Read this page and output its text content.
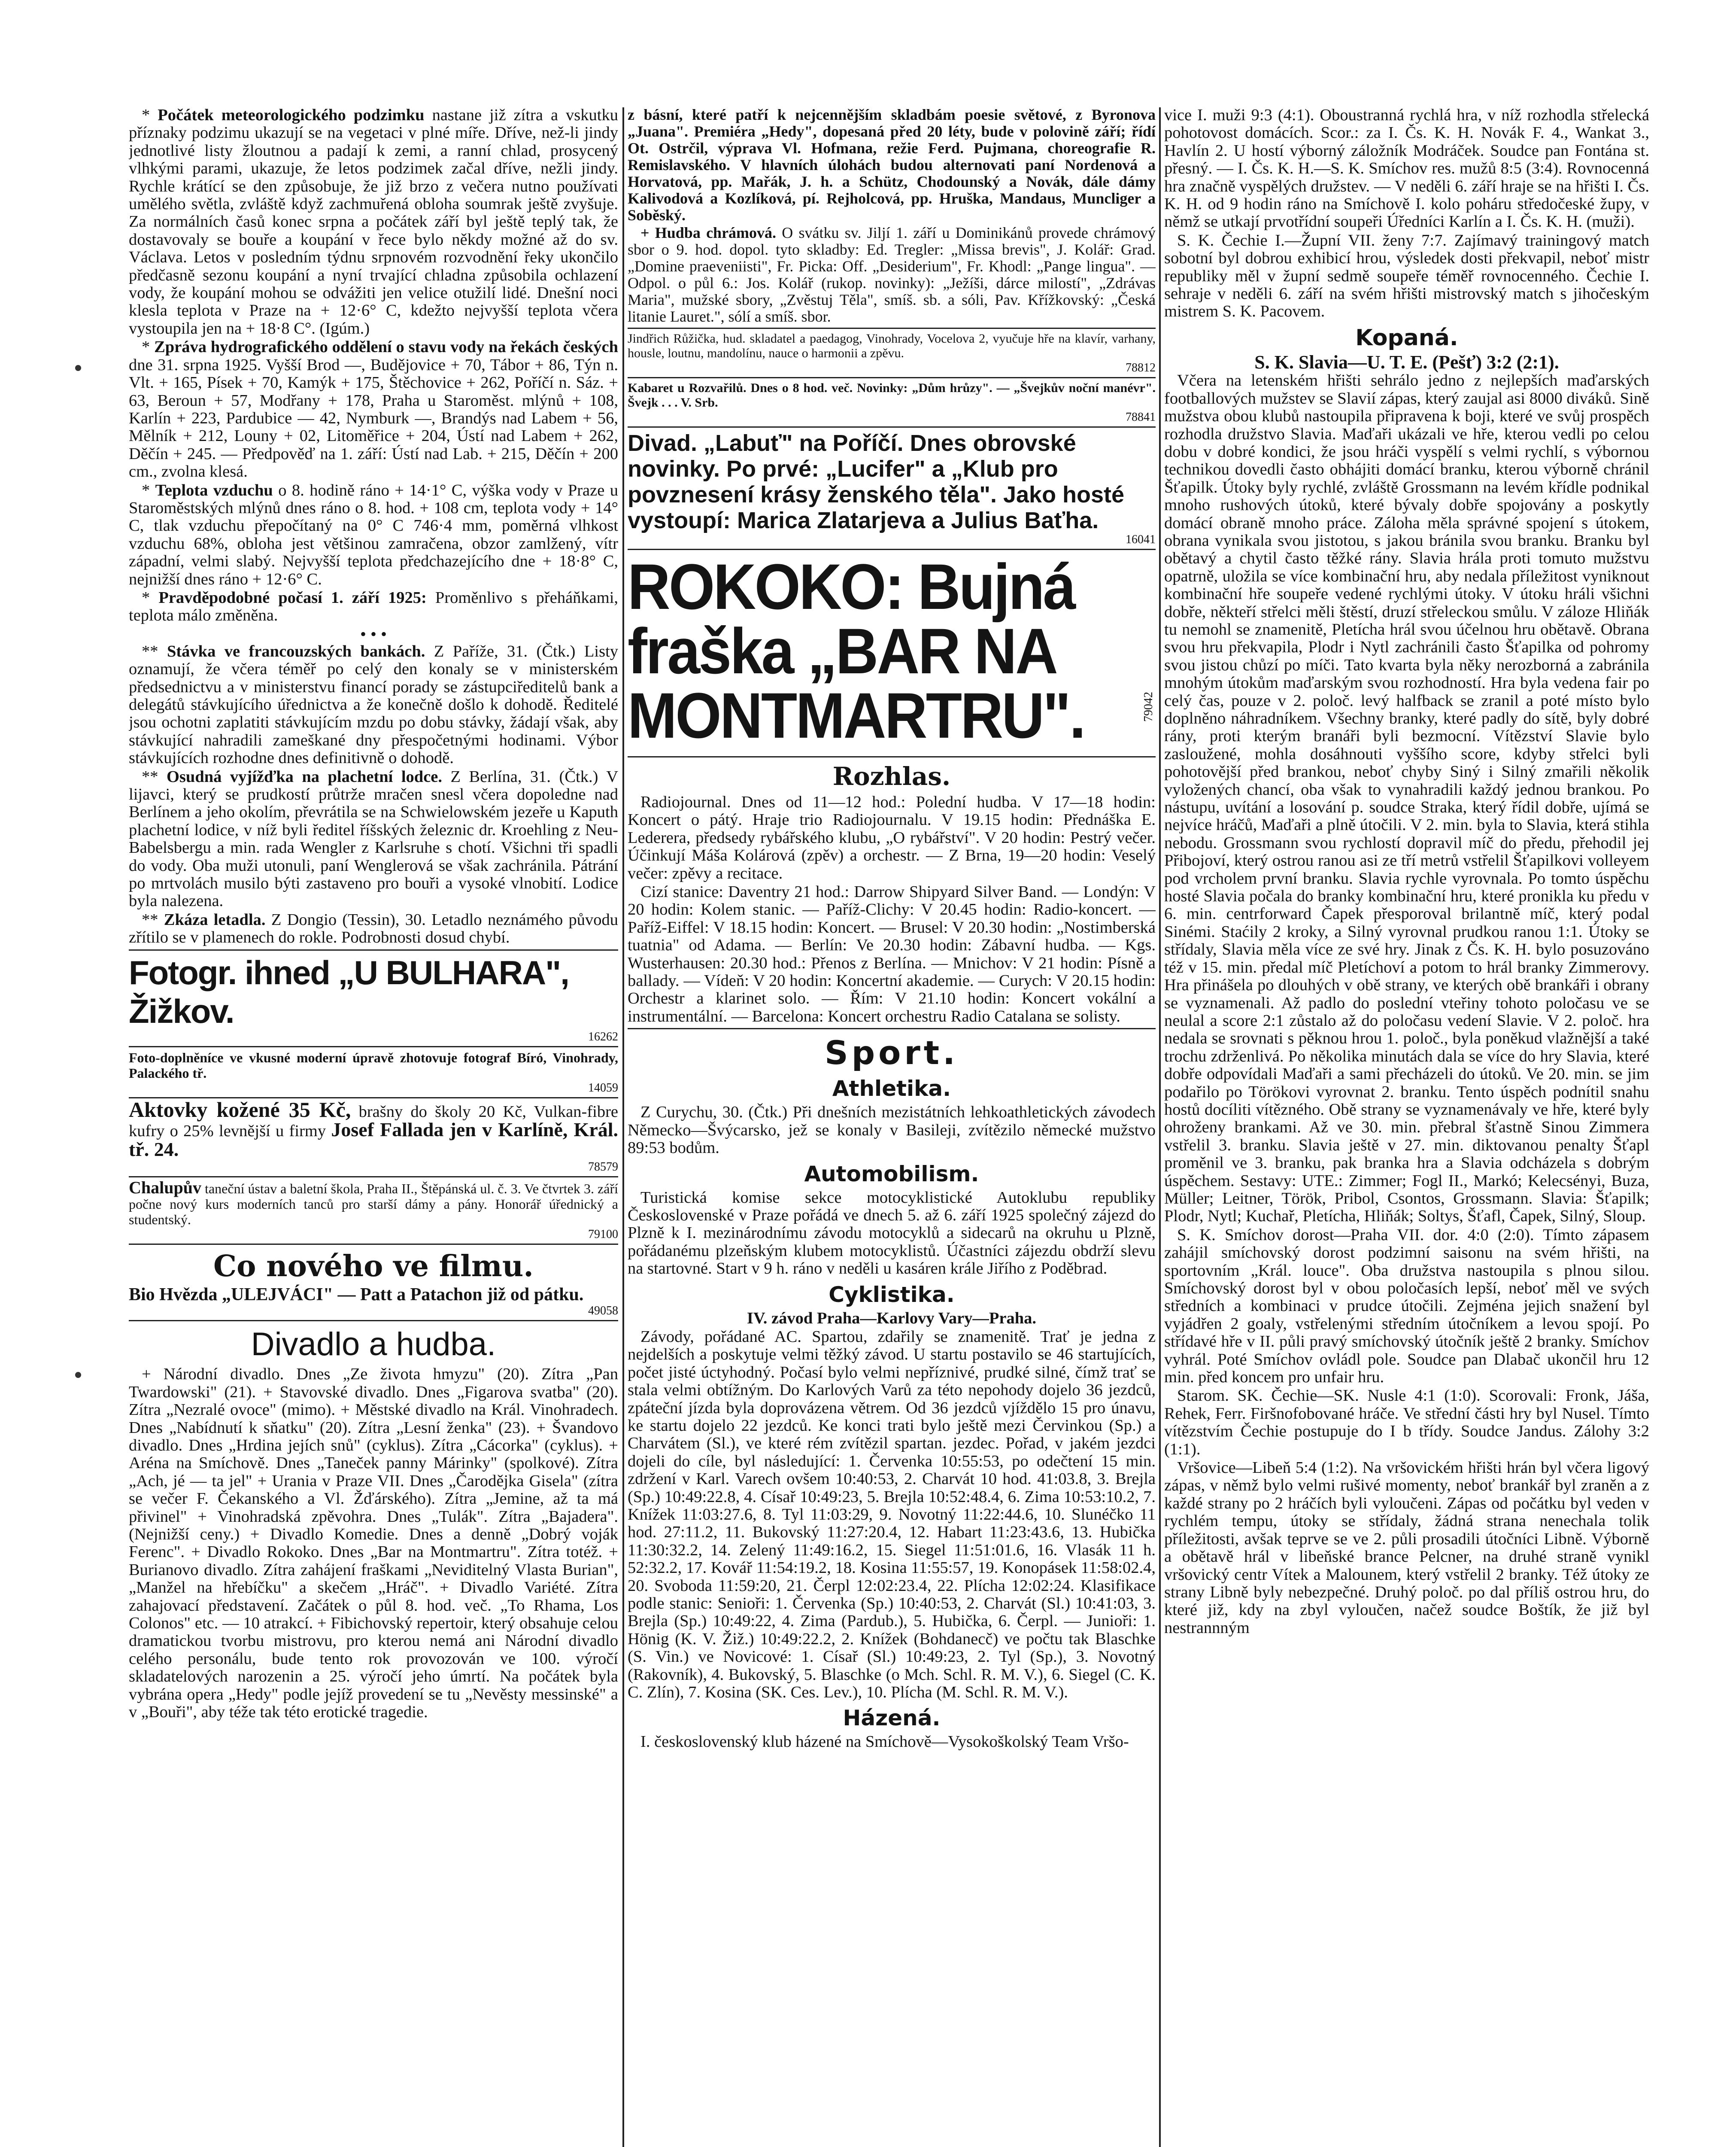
* Počátek meteorologického podzimku nastane již zítra a vskutku příznaky podzimu ukazují se na vegetaci v plné míře. Dříve, než-li jindy jednotlivé listy žloutnou a padají k zemi, a ranní chlad, prosycený vlhkými parami, ukazuje, že letos podzimek začal dříve, nežli jindy. Rychle krátící se den způsobuje, že již brzo z večera nutno používati umělého světla, zvláště když zachmuřená obloha soumrak ještě zvyšuje. Za normálních časů konec srpna a počátek září byl ještě teplý tak, že dostavovaly se bouře a koupání v řece bylo někdy možné až do sv. Václava. Letos v posledním týdnu srpnovém rozvodnění řeky ukončilo předčasně sezonu koupání a nyní trvající chladna způsobila ochlazení vody, že koupání mohou se odvážiti jen velice otužilí lidé. Dnešní noci klesla teplota v Praze na + 12·6° C, kdežto nejvyšší teplota včera vystoupila jen na + 18·8 C°. (Igúm.)

* Zpráva hydrografického oddělení o stavu vody na řekách českých dne 31. srpna 1925. Vyšší Brod —, Budějovice + 70, Tábor + 86, Týn n. Vlt. + 165, Písek + 70, Kamýk + 175, Štěchovice + 262, Poříčí n. Sáz. + 63, Beroun + 57, Modřany + 178, Praha u Staroměst. mlýnů + 108, Karlín + 223, Pardubice — 42, Nymburk —, Brandýs nad Labem + 56, Mělník + 212, Louny + 02, Litoměřice + 204, Ústí nad Labem + 262, Děčín + 245. — Předpověď na 1. září: Ústí nad Lab. + 215, Děčín + 200 cm., zvolna klesá.

* Teplota vzduchu o 8. hodině ráno + 14·1° C, výška vody v Praze u Staroměstských mlýnů dnes ráno o 8. hod. + 108 cm, teplota vody + 14° C, tlak vzduchu přepočítaný na 0° C 746·4 mm, poměrná vlhkost vzduchu 68%, obloha jest většinou zamračena, obzor zamlžený, vítr západní, velmi slabý. Nejvyšší teplota předchazejícího dne + 18·8° C, nejnižší dnes ráno + 12·6° C.

* Pravděpodobné počasí 1. září 1925: Proměnlivo s přeháňkami, teplota málo změněna.

• • •

** Stávka ve francouzských bankách. Z Paříže, 31. (Čtk.) Listy oznamují, že včera téměř po celý den konaly se v ministerském předsednictvu a v ministerstvu financí porady se zástupciředitelů bank a delegátů stávkujícího úřednictva a že konečně došlo k dohodě. Ředitelé jsou ochotni zaplatiti stávkujícím mzdu po dobu stávky, žádají však, aby stávkující nahradili zameškané dny přespočetnými hodinami. Výbor stávkujících rozhodne dnes definitivně o dohodě.

** Osudná vyjížďka na plachetní lodce. Z Berlína, 31. (Čtk.) V lijavci, který se prudkostí průtrže mračen snesl včera dopoledne nad Berlínem a jeho okolím, převrátila se na Schwielowském jezeře u Kaputh plachetní lodice, v níž byli ředitel říšských železnic dr. Kroehling z Neu-Babelsbergu a min. rada Wengler z Karlsruhe s chotí. Všichni tři spadli do vody. Oba muži utonuli, paní Wenglerová se však zachránila. Pátrání po mrtvolách musilo býti zastaveno pro bouři a vysoké vlnobití. Lodice byla nalezena.

** Zkáza letadla. Z Dongio (Tessin), 30. Letadlo neznámého původu zřítilo se v plamenech do rokle. Podrobnosti dosud chybí.

Fotogr. ihned „U BULHARA", Žižkov.

16262

Foto-doplněníce ve vkusné moderní úpravě zhotovuje fotograf Bíró, Vinohrady, Palackého tř.

14059

Aktovky kožené 35 Kč, brašny do školy 20 Kč, Vulkan-fibre kufry o 25% levnější u firmy Josef Fallada jen v Karlíně, Král. tř. 24.

78579

Chalupův taneční ústav a baletní škola, Praha II., Štěpánská ul. č. 3. Ve čtvrtek 3. září počne nový kurs moderních tanců pro starší dámy a pány. Honorář úřednický a studentský.

79100

Co nového ve filmu.

Bio Hvězda „ULEJVÁCI" — Patt a Patachon již od pátku.

49058

Divadlo a hudba.

+ Národní divadlo. Dnes „Ze života hmyzu" (20). Zítra „Pan Twardowski" (21). + Stavovské divadlo. Dnes „Figarova svatba" (20). Zítra „Nezralé ovoce" (mimo). + Městské divadlo na Král. Vinohradech. Dnes „Nabídnutí k sňatku" (20). Zítra „Lesní ženka" (23). + Švandovo divadlo. Dnes „Hrdina jejích snů" (cyklus). Zítra „Cácorka" (cyklus). + Aréna na Smíchově. Dnes „Taneček panny Márinky" (spolkové). Zítra „Ach, jé — ta jel" + Urania v Praze VII. Dnes „Čarodějka Gisela" (zítra se večer F. Čekanského a Vl. Žďárského). Zítra „Jemine, až ta má přivinel" + Vinohradská zpěvohra. Dnes „Tulák". Zítra „Bajadera". (Nejnižší ceny.) + Divadlo Komedie. Dnes a denně „Dobrý voják Ferenc". + Divadlo Rokoko. Dnes „Bar na Montmartru". Zítra totéž. + Burianovo divadlo. Zítra zahájení fraškami „Neviditelný Vlasta Burian", „Manžel na hřebíčku" a skečem „Hráč". + Divadlo Variété. Zítra zahajovací představení. Začátek o půl 8. hod. več. „To Rhama, Los Colonos" etc. — 10 atrakcí. + Fibichovský repertoir, který obsahuje celou dramatickou tvorbu mistrovu, pro kterou nemá ani Národní divadlo celého personálu, bude tento rok provozován ve 100. výročí skladatelových narozenin a 25. výročí jeho úmrtí. Na počátek byla vybrána opera „Hedy" podle jejíž provedení se tu „Nevěsty messinské" a v „Bouři", aby téže tak této erotické tragedie.

z básní, které patří k nejcennějším skladbám poesie světové, z Byronova „Juana". Premiéra „Hedy", dopesaná před 20 léty, bude v polovině září; řídí Ot. Ostrčil, výprava Vl. Hofmana, režie Ferd. Pujmana, choreografie R. Remislavského. V hlavních úlohách budou alternovati paní Nordenová a Horvatová, pp. Mařák, J. h. a Schütz, Chodounský a Novák, dále dámy Kalivodová a Kozlíková, pí. Rejholcová, pp. Hruška, Mandaus, Muncliger a Soběský.

+ Hudba chrámová. O svátku sv. Jiljí 1. září u Dominikánů provede chrámový sbor o 9. hod. dopol. tyto skladby: Ed. Tregler: „Missa brevis", J. Kolář: Grad. „Domine praeveniisti", Fr. Picka: Off. „Desiderium", Fr. Khodl: „Pange lingua". — Odpol. o půl 6.: Jos. Kolář (rukop. novinky): „Ježíši, dárce milostí", „Zdrávas Maria", mužské sbory, „Zvěstuj Těla", smíš. sb. a sóli, Pav. Křížkovský: „Česká litanie Lauret.", sólí a smíš. sbor.

Jindřich Růžička, hud. skladatel a paedagog, Vinohrady, Vocelova 2, vyučuje hře na klavír, varhany, housle, loutnu, mandolínu, nauce o harmonii a zpěvu.

78812

Kabaret u Rozvařilů. Dnes o 8 hod. več. Novinky: „Dům hrůzy". — „Švejkův noční manévr". Švejk . . . V. Srb.

78841

Divad. „Labuť" na Poříčí. Dnes obrovské novinky. Po prvé: „Lucifer" a „Klub pro povznesení krásy ženského těla". Jako hosté vystoupí: Marica Zlatarjeva a Julius Baťha.

16041

ROKOKO: Bujná fraška „BAR NA MONTMARTRU".	79042

Rozhlas.

Radiojournal. Dnes od 11—12 hod.: Polední hudba. V 17—18 hodin: Koncert o pátý. Hraje trio Radiojournalu. V 19.15 hodin: Přednáška E. Lederera, předsedy rybářského klubu, „O rybářství". V 20 hodin: Pestrý večer. Účinkují Máša Kolárová (zpěv) a orchestr. — Z Brna, 19—20 hodin: Veselý večer: zpěvy a recitace.

Cizí stanice: Daventry 21 hod.: Darrow Shipyard Silver Band. — Londýn: V 20 hodin: Kolem stanic. — Paříž-Clichy: V 20.45 hodin: Radio-koncert. — Paříž-Eiffel: V 18.15 hodin: Koncert. — Brusel: V 20.30 hodin: „Nostimberská tuatnia" od Adama. — Berlín: Ve 20.30 hodin: Zábavní hudba. — Kgs. Wusterhausen: 20.30 hod.: Přenos z Berlína. — Mnichov: V 21 hodin: Písně a ballady. — Vídeň: V 20 hodin: Koncertní akademie. — Curych: V 20.15 hodin: Orchestr a klarinet solo. — Řím: V 21.10 hodin: Koncert vokální a instrumentální. — Barcelona: Koncert orchestru Radio Catalana se solisty.

Sport.

Athletika.

Z Curychu, 30. (Čtk.) Při dnešních mezistátních lehkoathletických závodech Německo—Švýcarsko, jež se konaly v Basileji, zvítězilo německé mužstvo 89:53 bodům.

Automobilism.

Turistická komise sekce motocyklistické Autoklubu republiky Československé v Praze pořádá ve dnech 5. až 6. září 1925 společný zájezd do Plzně k I. mezinárodnímu závodu motocyklů a sidecarů na okruhu u Plzně, pořádanému plzeňským klubem motocyklistů. Účastníci zájezdu obdrží slevu na startovné. Start v 9 h. ráno v neděli u kasáren krále Jiřího z Poděbrad.

Cyklistika.

IV. závod Praha—Karlovy Vary—Praha.

Závody, pořádané AC. Spartou, zdařily se znamenitě. Trať je jedna z nejdelších a poskytuje velmi těžký závod. U startu postavilo se 46 startujících, počet jisté úctyhodný. Počasí bylo velmi nepříznivé, prudké silné, čímž trať se stala velmi obtížným. Do Karlových Varů za této nepohody dojelo 36 jezdců, zpáteční jízda byla doprovázena větrem. Od 36 jezdců vjíždělo 15 pro únavu, ke startu dojelo 22 jezdců. Ke konci trati bylo ještě mezi Červinkou (Sp.) a Charvátem (Sl.), ve které rém zvítězil spartan. jezdec. Pořad, v jakém jezdci dojeli do cíle, byl následující: 1. Červenka 10:55:53, po odečtení 15 min. zdržení v Karl. Varech ovšem 10:40:53, 2. Charvát 10 hod. 41:03.8, 3. Brejla (Sp.) 10:49:22.8, 4. Císař 10:49:23, 5. Brejla 10:52:48.4, 6. Zima 10:53:10.2, 7. Knížek 11:03:27.6, 8. Tyl 11:03:29, 9. Novotný 11:22:44.6, 10. Slunéčko 11 hod. 27:11.2, 11. Bukovský 11:27:20.4, 12. Habart 11:23:43.6, 13. Hubička 11:30:32.2, 14. Zelený 11:49:16.2, 15. Siegel 11:51:01.6, 16. Vlasák 11 h. 52:32.2, 17. Kovář 11:54:19.2, 18. Kosina 11:55:57, 19. Konopásek 11:58:02.4, 20. Svoboda 11:59:20, 21. Čerpl 12:02:23.4, 22. Plícha 12:02:24. Klasifikace podle stanic: Senioři: 1. Červenka (Sp.) 10:40:53, 2. Charvát (Sl.) 10:41:03, 3. Brejla (Sp.) 10:49:22, 4. Zima (Pardub.), 5. Hubička, 6. Čerpl. — Junioři: 1. Hönig (K. V. Žiž.) 10:49:22.2, 2. Knížek (Bohdanecč) ve počtu tak Blaschke (S. Vin.) ve Novicové: 1. Císař (Sl.) 10:49:23, 2. Tyl (Sp.), 3. Novotný (Rakovník), 4. Bukovský, 5. Blaschke (o Mch. Schl. R. M. V.), 6. Siegel (C. K. C. Zlín), 7. Kosina (SK. Ces. Lev.), 10. Plícha (M. Schl. R. M. V.).

Házená.

I. československý klub házené na Smíchově—Vysokoškolský Team Vršo-

vice I. muži 9:3 (4:1). Oboustranná rychlá hra, v níž rozhodla střelecká pohotovost domácích. Scor.: za I. Čs. K. H. Novák F. 4., Wankat 3., Havlín 2. U hostí výborný záložník Modráček. Soudce pan Fontána st. přesný. — I. Čs. K. H.—S. K. Smíchov res. mužů 8:5 (3:4). Rovnocenná hra značně vyspělých družstev. — V neděli 6. září hraje se na hřišti I. Čs. K. H. od 9 hodin ráno na Smíchově I. kolo poháru středočeské župy, v němž se utkají prvotřídní soupeři Úředníci Karlín a I. Čs. K. H. (muži).

S. K. Čechie I.—Župní VII. ženy 7:7. Zajímavý trainingový match sobotní byl dobrou exhibicí hrou, výsledek dosti překvapil, neboť mistr republiky měl v župní sedmě soupeře téměř rovnocenného. Čechie I. sehraje v neděli 6. září na svém hřišti mistrovský match s jihočeským mistrem S. K. Pacovem.

Kopaná.

S. K. Slavia—U. T. E. (Pešť) 3:2 (2:1).

Včera na letenském hřišti sehrálo jedno z nejlepších maďarských footballových mužstev se Slavií zápas, který zaujal asi 8000 diváků. Sině mužstva obou klubů nastoupila připravena k boji, které ve svůj prospěch rozhodla družstvo Slavia. Maďaři ukázali ve hře, kterou vedli po celou dobu v dobré kondici, že jsou hráči vyspělí s velmi rychlí, s výbornou technikou dovedli často obhájiti domácí branku, kterou výborně chránil Šťapilk. Útoky byly rychlé, zvláště Grossmann na levém křídle podnikal mnoho rushových útoků, které bývaly dobře spojovány a poskytly domácí obraně mnoho práce. Záloha měla správné spojení s útokem, obrana vynikala svou jistotou, s jakou bránila svou branku. Branku byl obětavý a chytil často těžké rány. Slavia hrála proti tomuto mužstvu opatrně, uložila se více kombinační hru, aby nedala příležitost vyniknout kombinační hře soupeře vedené rychlými útoky. V útoku hráli všichni dobře, někteří střelci měli štěstí, druzí střeleckou smůlu. V záloze Hliňák tu nemohl se znamenitě, Pletícha hrál svou účelnou hru obětavě. Obrana svou hru překvapila, Plodr i Nytl zachránili často Šťapilka od pohromy svou jistou chůzí po míči. Tato kvarta byla něky nerozborná a zabránila mnohým útokům maďarským svou rozhodností. Hra byla vedena fair po celý čas, pouze v 2. poloč. levý halfback se zranil a poté místo bylo doplněno náhradníkem. Všechny branky, které padly do sítě, byly dobré rány, proti kterým branáři byli bezmocní. Vítězství Slavie bylo zasloužené, mohla dosáhnouti vyššího score, kdyby střelci byli pohotovější před brankou, neboť chyby Siný i Silný zmařili několik vyložených chancí, oba však to vynahradili každý jednou brankou. Po nástupu, uvítání a losování p. soudce Straka, který řídil dobře, ujímá se nejvíce hráčů, Maďaři a plně útočili. V 2. min. byla to Slavia, která stihla nebodu. Grossmann svou rychlostí dopravil míč do předu, přehodil jej Přibojoví, který ostrou ranou asi ze tří metrů vstřelil Šťapilkovi volleyem pod vrcholem první branku. Slavia rychle vyrovnala. Po tomto úspěchu hosté Slavia počala do branky kombinační hru, které pronikla ku předu v 6. min. centrforward Čapek přesporoval brilantně míč, který podal Sinémi. Staćily 2 kroky, a Silný vyrovnal prudkou ranou 1:1. Útoky se střídaly, Slavia měla více ze své hry. Jinak z Čs. K. H. bylo posuzováno též v 15. min. předal míč Pletíchoví a potom to hrál branky Zimmerovy. Hra přinášela po dlouhých v obě strany, ve kterých obě brankáři i obrany se vyznamenali. Až padlo do poslední vteřiny tohoto poločasu ve se neulal a score 2:1 zůstalo až do poločasu vedení Slavie. V 2. poloč. hra nedala se srovnati s pěknou hrou 1. poloč., byla poněkud vlažnější a také trochu zdrženlivá. Po několika minutách dala se více do hry Slavia, které dobře odpovídali Maďaři a sami přecházeli do útoků. Ve 20. min. se jim podařilo po Törökovi vyrovnat 2. branku. Tento úspěch podnítil snahu hostů docíliti vítězného. Obě strany se vyznamenávaly ve hře, které byly ohroženy brankami. Až ve 30. min. přebral šťastně Sinou Zimmera vstřelil 3. branku. Slavia ještě v 27. min. diktovanou penalty Šťapl proměnil ve 3. branku, pak branka hra a Slavia odcházela s dobrým úspěchem. Sestavy: UTE.: Zimmer; Fogl II., Markó; Kelecsényi, Buza, Müller; Leitner, Török, Pribol, Csontos, Grossmann. Slavia: Šťapilk; Plodr, Nytl; Kuchař, Pletícha, Hliňák; Soltys, Šťafl, Čapek, Silný, Sloup.

S. K. Smíchov dorost—Praha VII. dor. 4:0 (2:0). Tímto zápasem zahájil smíchovský dorost podzimní saisonu na svém hřišti, na sportovním „Král. louce". Oba družstva nastoupila s plnou silou. Smíchovský dorost byl v obou poločasích lepší, neboť měl ve svých středních a kombinaci v prudce útočili. Zejména jejich snažení byl vyjádřen 2 goaly, vstřelenými středním útočníkem a levou spojí. Po střídavé hře v II. půli pravý smíchovský útočník ještě 2 branky. Smíchov vyhrál. Poté Smíchov ovládl pole. Soudce pan Dlabač ukončil hru 12 min. před koncem pro unfair hru.

Starom. SK. Čechie—SK. Nusle 4:1 (1:0). Scorovali: Fronk, Jáša, Rehek, Ferr. Firšnofobované hráče. Ve střední části hry byl Nusel. Tímto vítězstvím Čechie postupuje do I b třídy. Soudce Jandus. Zálohy 3:2 (1:1).

Vršovice—Libeň 5:4 (1:2). Na vršovickém hřišti hrán byl včera ligový zápas, v němž bylo velmi rušivé momenty, neboť brankář byl zraněn a z každé strany po 2 hráčích byli vyloučeni. Zápas od počátku byl veden v rychlém tempu, útoky se střídaly, žádná strana nenechala tolik příležitosti, avšak teprve se ve 2. půli prosadili útočníci Libně. Výborně a obětavě hrál v libeňské brance Pelcner, na druhé straně vynikl vršovický centr Vítek a Malounem, který vstřelil 2 branky. Též útoky ze strany Libně byly nebezpečné. Druhý poloč. po dal příliš ostrou hru, do které již, kdy na zbyl vyloučen, načež soudce Boštík, že již byl nestrannným
